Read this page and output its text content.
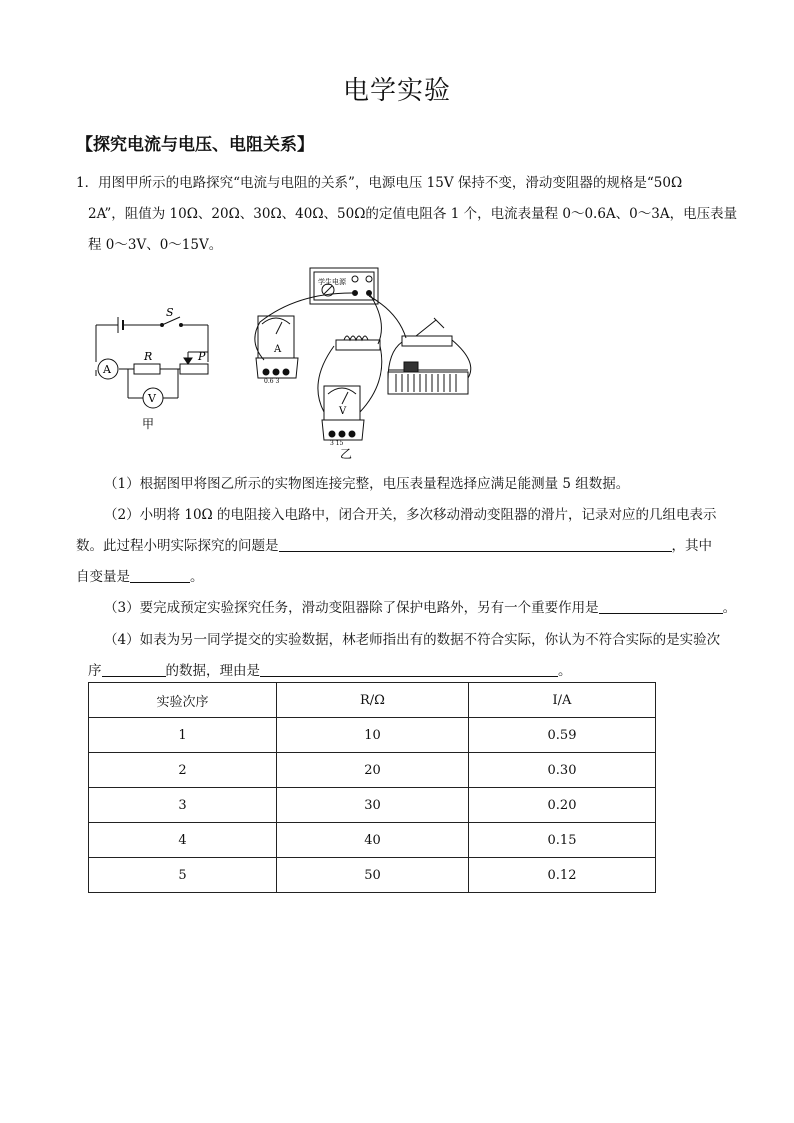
电学实验
【探究电流与电压、电阻关系】
1．用图甲所示的电路探究“电流与电阻的关系”，电源电压 15V 保持不变，滑动变阻器的规格是“50Ω
2A”，阻值为 10Ω、20Ω、30Ω、40Ω、50Ω的定值电阻各 1 个，电流表量程 0～0.6A、0～3A，电压表量
程 0～3V、0～15V。
S
R	P
A
V
甲
学生电源
A
V
0.6 3
3 15
乙
（1）根据图甲将图乙所示的实物图连接完整，电压表量程选择应满足能测量 5 组数据。
（2）小明将 10Ω 的电阻接入电路中，闭合开关，多次移动滑动变阻器的滑片，记录对应的几组电表示
数。此过程小明实际探究的问题是	，其中
自变量是	。
（3）要完成预定实验探究任务，滑动变阻器除了保护电路外，另有一个重要作用是	。
（4）如表为另一同学提交的实验数据，林老师指出有的数据不符合实际，你认为不符合实际的是实验次
序	的数据，理由是	。
实验次序	R/Ω	I/A
1	10	0.59
2	20	0.30
3	30	0.20
4	40	0.15
5	50	0.12
